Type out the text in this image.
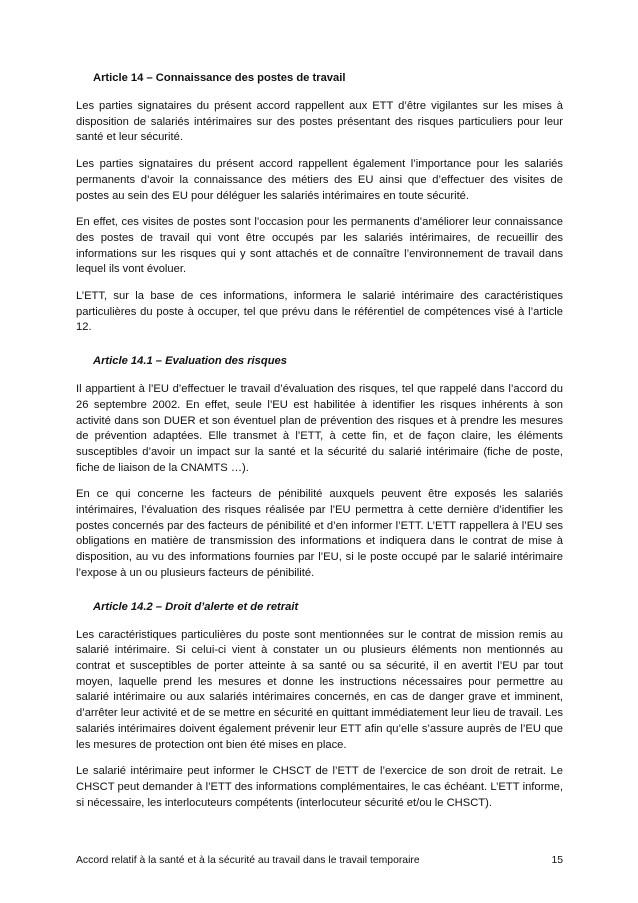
Article 14 – Connaissance des postes de travail

Les parties signataires du présent accord rappellent aux ETT d’être vigilantes sur les mises à disposition de salariés intérimaires sur des postes présentant des risques particuliers pour leur santé et leur sécurité.

Les parties signataires du présent accord rappellent également l’importance pour les salariés permanents d’avoir la connaissance des métiers des EU ainsi que d’effectuer des visites de postes au sein des EU pour déléguer les salariés intérimaires en toute sécurité.

En effet, ces visites de postes sont l’occasion pour les permanents d’améliorer leur connaissance des postes de travail qui vont être occupés par les salariés intérimaires, de recueillir des informations sur les risques qui y sont attachés et de connaître l’environnement de travail dans lequel ils vont évoluer.

L’ETT, sur la base de ces informations, informera le salarié intérimaire des caractéristiques particulières du poste à occuper, tel que prévu dans le référentiel de compétences visé à l’article 12.

Article 14.1 – Evaluation des risques

Il appartient à l’EU d’effectuer le travail d’évaluation des risques, tel que rappelé dans l’accord du 26 septembre 2002. En effet, seule l’EU est habilitée à identifier les risques inhérents à son activité dans son DUER et son éventuel plan de prévention des risques et à prendre les mesures de prévention adaptées. Elle transmet à l’ETT, à cette fin, et de façon claire, les éléments susceptibles d’avoir un impact sur la santé et la sécurité du salarié intérimaire (fiche de poste, fiche de liaison de la CNAMTS …).

En ce qui concerne les facteurs de pénibilité auxquels peuvent être exposés les salariés intérimaires, l’évaluation des risques réalisée par l’EU permettra à cette dernière d’identifier les postes concernés par des facteurs de pénibilité et d’en informer l’ETT. L’ETT rappellera à l’EU ses obligations en matière de transmission des informations et indiquera dans le contrat de mise à disposition, au vu des informations fournies par l’EU, si le poste occupé par le salarié intérimaire l’expose à un ou plusieurs facteurs de pénibilité.

Article 14.2 – Droit d’alerte et de retrait

Les caractéristiques particulières du poste sont mentionnées sur le contrat de mission remis au salarié intérimaire. Si celui-ci vient à constater un ou plusieurs éléments non mentionnés au contrat et susceptibles de porter atteinte à sa santé ou sa sécurité, il en avertit l’EU par tout moyen, laquelle prend les mesures et donne les instructions nécessaires pour permettre au salarié intérimaire ou aux salariés intérimaires concernés, en cas de danger grave et imminent, d’arrêter leur activité et de se mettre en sécurité en quittant immédiatement leur lieu de travail. Les salariés intérimaires doivent également prévenir leur ETT afin qu’elle s’assure auprès de l’EU que les mesures de protection ont bien été mises en place.

Le salarié intérimaire peut informer le CHSCT de l’ETT de l’exercice de son droit de retrait. Le CHSCT peut demander à l’ETT des informations complémentaires, le cas échéant. L’ETT informe, si nécessaire, les interlocuteurs compétents (interlocuteur sécurité et/ou le CHSCT).

Accord relatif à la santé et à la sécurité au travail dans le travail temporaire	15
